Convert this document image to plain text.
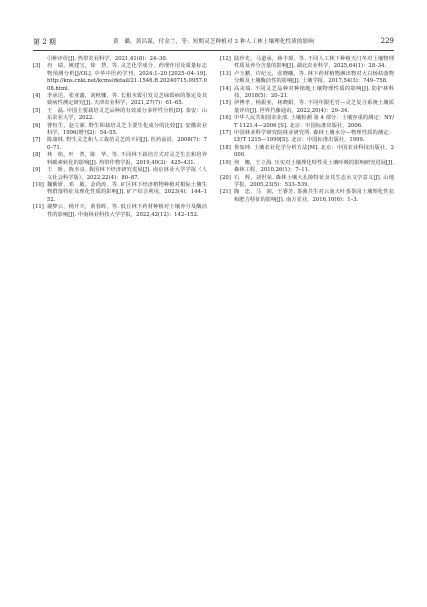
第 2 期	黄　璐，黄昌谋，付金兰，等：短期灵芝种植对 3 种人工林土壤理化性质的影响	229
引种评价[J]. 热带农业科学，2021,41(8)：24–30.
[3]	冉　瑞，姚建宝，徐　慧，等. 灵芝化学成分、药理作用及质量标志物预测分析[J/OL]. 中华中医药学刊，2024:1–20 [2025–04–19]. http://kns.cnki.net/kcms/detail/21.1546.R.20240715.0957.008.html.
[4]	李承达，张亚鑫，刘秋娜，等. 长根木霉引发灵芝绿霉病的鉴定及其致病性测定研究[J]. 天津农业科学，2021,27(7)：61–65.
[5]	王　磊. 中国主要栽培灵芝品种的有效成分多样性分析[D]. 泰安：山东农业大学，2022.
[6]	曹恒生，赵立新. 野生和栽培灵芝主要生化成分的比较[J]. 安徽农业科学，1996(增刊2)：54–55.
[7]	陈康林. 野生灵芝和人工栽培灵芝的不同[J]. 医药前沿，2008(7)：70–71.
[8]	林　焰，叶　菁，陈　华，等. 不同林下栽培方式对灵芝生长和培养料碳素转化的影响[J]. 热带作物学报，2019,40(3)：425–431.
[9]	王　昕，陈幸良. 我国林下经济研究进展[J]. 南京林业大学学报（人文社会科学版），2022,22(4)：80–87.
[10] 魏紫妍，邓　敏，金尚涛，等. 矿区林下经济植物种植对根际土壤生物群落特征及理化性质的影响[J]. 矿产综合利用，2023(4)：144–152.
[11] 谢梦云，杨开天，黄春晖，等. 低丘林下药材种植对土壤养分及酶活性的影响[J]. 中南林业科技大学学报，2022,42(12)：142–152.
[12] 陆珍先，马道承，蒋丰璟，等. 不同人工林下种植天门冬对土壤物理性质及养分含量的影响[J]. 湖北农业科学，2025,64(1)：28–34.
[13] 卢玉鹏，许纪元，张晓曦，等. 林下药材植物淋出物对大白杨枯落物分解及土壤酶活性的影响[J]. 土壤学报，2017,54(3)：749–758.
[14] 高美瑞. 不同灵芝品种对种植地土壤物理性质的影响[J]. 防护林科技，2018(5)：20–21.
[15] 伊博孝，杨振亚，林晓娟，等. 不同年限毛竹—灵芝复合系统土壤质量评价[J]. 世界竹藤通讯，2022,20(4)：29–34.
[16] 中华人民共和国农业部. 土壤检测 第 4 部分：土壤容重的测定：NY/T 1121.4—2006 [S]. 北京：中国标准出版社，2006.
[17] 中国林业科学研究院林业研究所. 森林土壤水分—物理性质的测定：LY/T 1215—1999[S]. 北京：中国标准出版社，1999.
[18] 鲁如坤. 土壤农业化学分析方法[M]. 北京：中国农业科技出版社，2000.
[19] 何　娜，王立海. 压实对土壤理化特性及土壤呼吸的影响研究进展[J]. 森林工程，2010,26(1)：7–11.
[20] 石　辉，刘世荣. 森林土壤大孔隙特征及其生态水文学意义[J]. 山地学报，2005,23(5)：533–539.
[21] 陶　忠，马　润，王睿芳. 茶菌共生对云南大叶茶茶园土壤理化性状和肥力特征的影响[J]. 南方农业，2016,10(6)：1–3.
